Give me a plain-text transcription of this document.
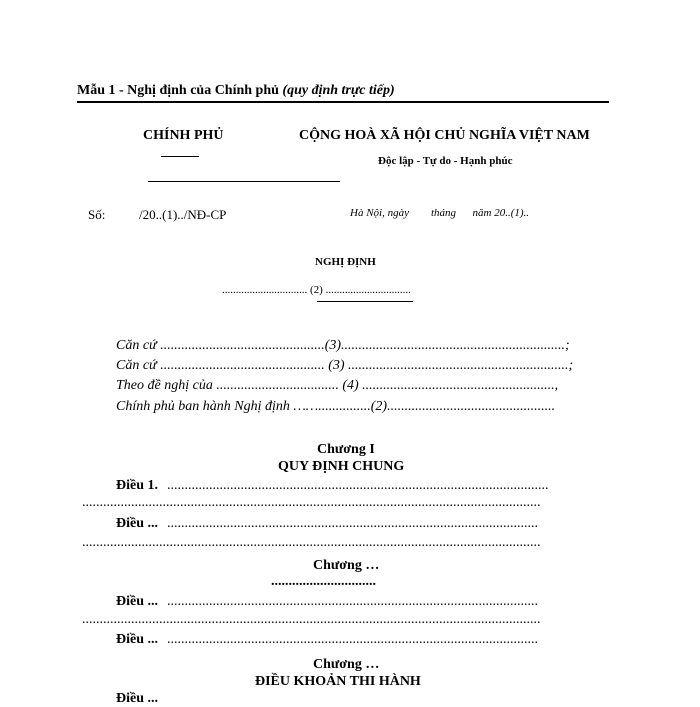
Mẫu 1 - Nghị định của Chính phủ (quy định trực tiếp)
CHÍNH PHỦ	CỘNG HOÀ XÃ HỘI CHỦ NGHĨA VIỆT NAM
Độc lập - Tự do - Hạnh phúc
Số:	/20..(1)../NĐ-CP	Hà Nội, ngày        tháng      năm 20..(1)..
NGHỊ ĐỊNH
............................... (2) ...............................
Căn cứ ...............................................(3)................................................................;
Căn cứ ............................................... (3) ...............................................................;
Theo đề nghị của ................................... (4) .......................................................,
Chính phủ ban hành Nghị định ……...............(2)................................................
Chương I
QUY ĐỊNH CHUNG
Điều 1. .............................................................................................................
...................................................................................................................................
Điều ... ..........................................................................................................
...................................................................................................................................
Chương …
..............................
Điều ... ..........................................................................................................
...................................................................................................................................
Điều ... ..........................................................................................................
Chương …
ĐIỀU KHOẢN THI HÀNH
Điều ...
